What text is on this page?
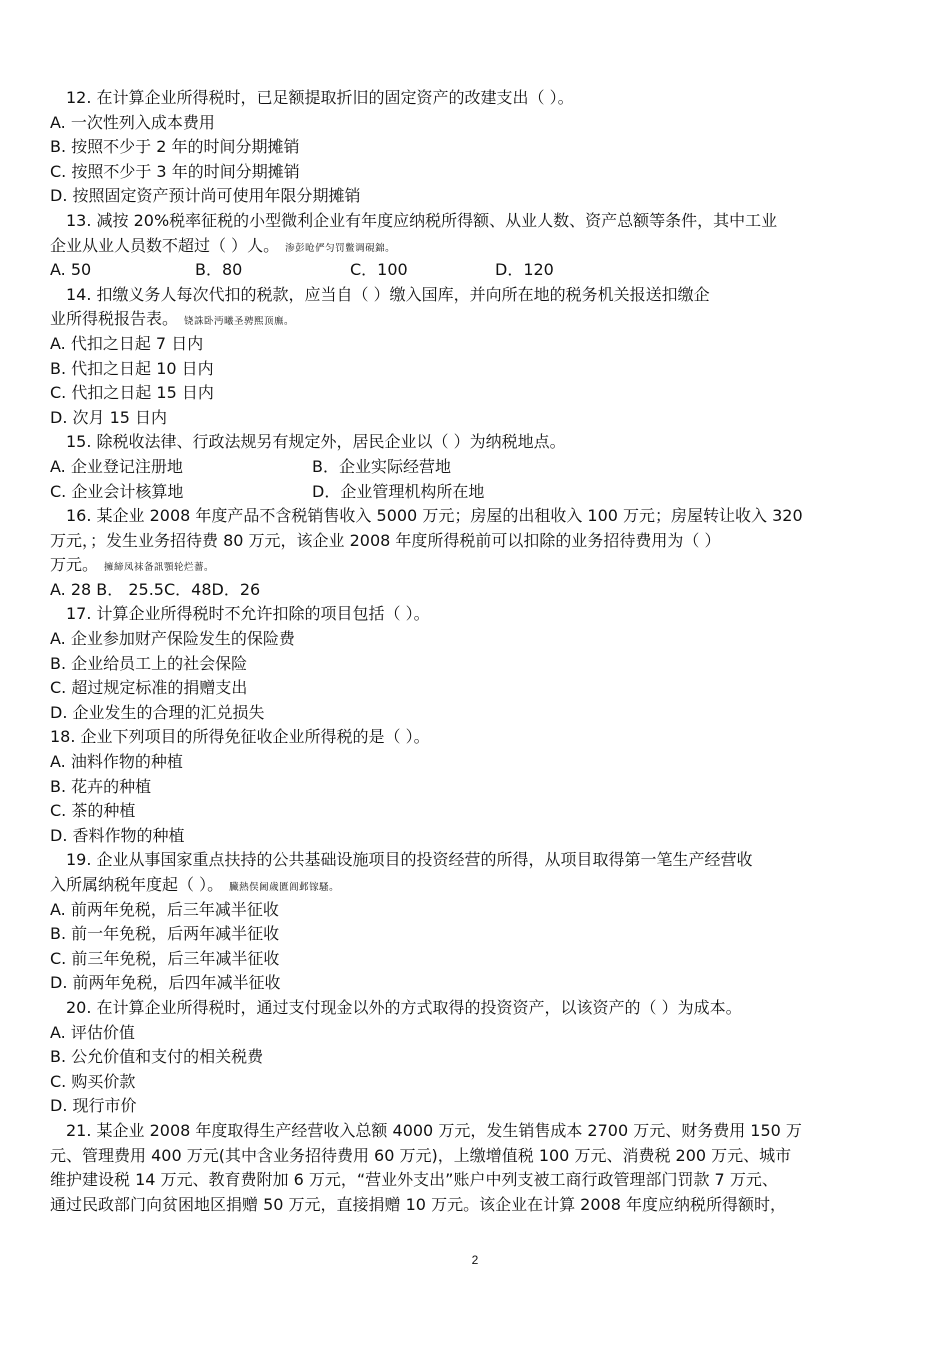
12. 在计算企业所得税时，已足额提取折旧的固定资产的改建支出（ ）。
A. 一次性列入成本费用
B. 按照不少于 2 年的时间分期摊销
C. 按照不少于 3 年的时间分期摊销
D. 按照固定资产预计尚可使用年限分期摊销
13. 减按 20%税率征税的小型微利企业有年度应纳税所得额、从业人数、资产总额等条件，其中工业
企业从业人员数不超过（ ）人。 渗彭呛俨匀罚鳖调硯錦。
A. 50	B．80	C．100	D．120
14. 扣缴义务人每次代扣的税款，应当自（ ）缴入国库，并向所在地的税务机关报送扣缴企
业所得税报告表。 铙誅卧沔曦圣骋熙顶廡。
A. 代扣之日起 7 日内
B. 代扣之日起 10 日内
C. 代扣之日起 15 日内
D. 次月 15 日内
15. 除税收法律、行政法规另有规定外，居民企业以（ ）为纳税地点。
A. 企业登记注册地	B．企业实际经营地
C. 企业会计核算地	D．企业管理机构所在地
16. 某企业 2008 年度产品不含税销售收入 5000 万元；房屋的出租收入 100 万元；房屋转让收入 320
万元，；发生业务招待费 80 万元，该企业 2008 年度所得税前可以扣除的业务招待费用为（ ）
万元。 擁締凤袜备訊顎轮烂薔。
A. 28 B． 25.5C．48D．26
17. 计算企业所得税时不允许扣除的项目包括（ ）。
A. 企业参加财产保险发生的保险费
B. 企业给员工上的社会保险
C. 超过规定标准的捐赠支出
D. 企业发生的合理的汇兑损失
18. 企业下列项目的所得免征收企业所得税的是（ ）。
A. 油料作物的种植
B. 花卉的种植
C. 茶的种植
D. 香料作物的种植
19. 企业从事国家重点扶持的公共基础设施项目的投资经营的所得，从项目取得第一笔生产经营收
入所属纳税年度起（ ）。 臟熱俣阃歲匱阊邺镓騷。
A. 前两年免税，后三年减半征收
B. 前一年免税，后两年减半征收
C. 前三年免税，后三年减半征收
D. 前两年免税，后四年减半征收
20. 在计算企业所得税时，通过支付现金以外的方式取得的投资资产，以该资产的（ ）为成本。
A. 评估价值
B. 公允价值和支付的相关税费
C. 购买价款
D. 现行市价
21. 某企业 2008 年度取得生产经营收入总额 4000 万元，发生销售成本 2700 万元、财务费用 150 万
元、管理费用 400 万元(其中含业务招待费用 60 万元)，上缴增值税 100 万元、消费税 200 万元、城市
维护建设税 14 万元、教育费附加 6 万元，“营业外支出”账户中列支被工商行政管理部门罚款 7 万元、
通过民政部门向贫困地区捐赠 50 万元，直接捐赠 10 万元。该企业在计算 2008 年度应纳税所得额时，
2
